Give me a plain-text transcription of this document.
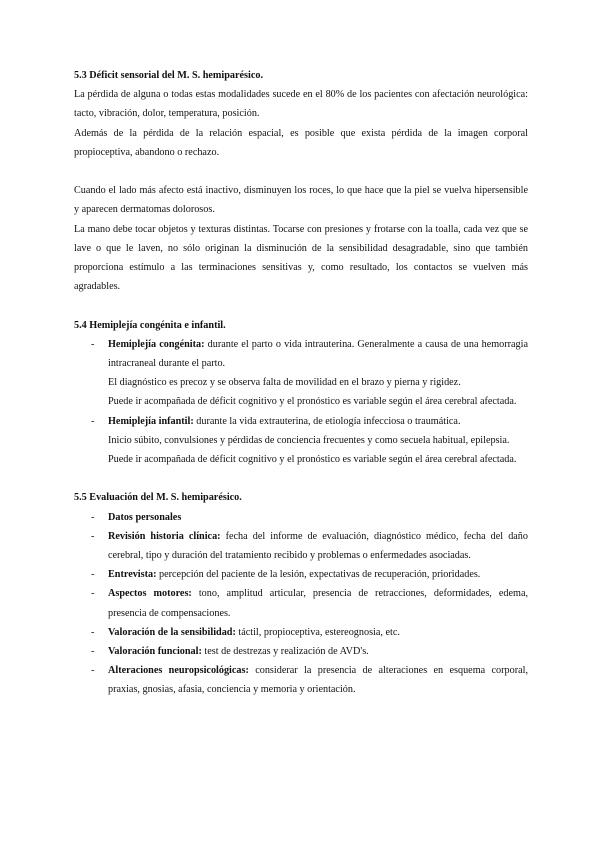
5.3 Déficit sensorial del M. S. hemiparésico.

La pérdida de alguna o todas estas modalidades sucede en el 80% de los pacientes con afectación neurológica: tacto, vibración, dolor, temperatura, posición.

Además de la pérdida de la relación espacial, es posible que exista pérdida de la imagen corporal propioceptiva, abandono o rechazo.

Cuando el lado más afecto está inactivo, disminuyen los roces, lo que hace que la piel se vuelva hipersensible y aparecen dermatomas dolorosos.

La mano debe tocar objetos y texturas distintas. Tocarse con presiones y frotarse con la toalla, cada vez que se lave o que le laven, no sólo originan la disminución de la sensibilidad desagradable, sino que también proporciona estímulo a las terminaciones sensitivas y, como resultado, los contactos se vuelven más agradables.

5.4 Hemiplejía congénita e infantil.

- Hemiplejía congénita: durante el parto o vida intrauterina. Generalmente a causa de una hemorragia intracraneal durante el parto.

El diagnóstico es precoz y se observa falta de movilidad en el brazo y pierna y rigidez.

Puede ir acompañada de déficit cognitivo y el pronóstico es variable según el área cerebral afectada.

- Hemiplejía infantil: durante la vida extrauterina, de etiología infecciosa o traumática.

Inicio súbito, convulsiones y pérdidas de conciencia frecuentes y como secuela habitual, epilepsia.

Puede ir acompañada de déficit cognitivo y el pronóstico es variable según el área cerebral afectada.

5.5 Evaluación del M. S. hemiparésico.

- Datos personales
- Revisión historia clínica: fecha del informe de evaluación, diagnóstico médico, fecha del daño cerebral, tipo y duración del tratamiento recibido y problemas o enfermedades asociadas.
- Entrevista: percepción del paciente de la lesión, expectativas de recuperación, prioridades.
- Aspectos motores: tono, amplitud articular, presencia de retracciones, deformidades, edema, presencia de compensaciones.
- Valoración de la sensibilidad: táctil, propioceptiva, estereognosia, etc.
- Valoración funcional: test de destrezas y realización de AVD's.
- Alteraciones neuropsicológicas: considerar la presencia de alteraciones en esquema corporal, praxias, gnosias, afasia, conciencia y memoria y orientación.
